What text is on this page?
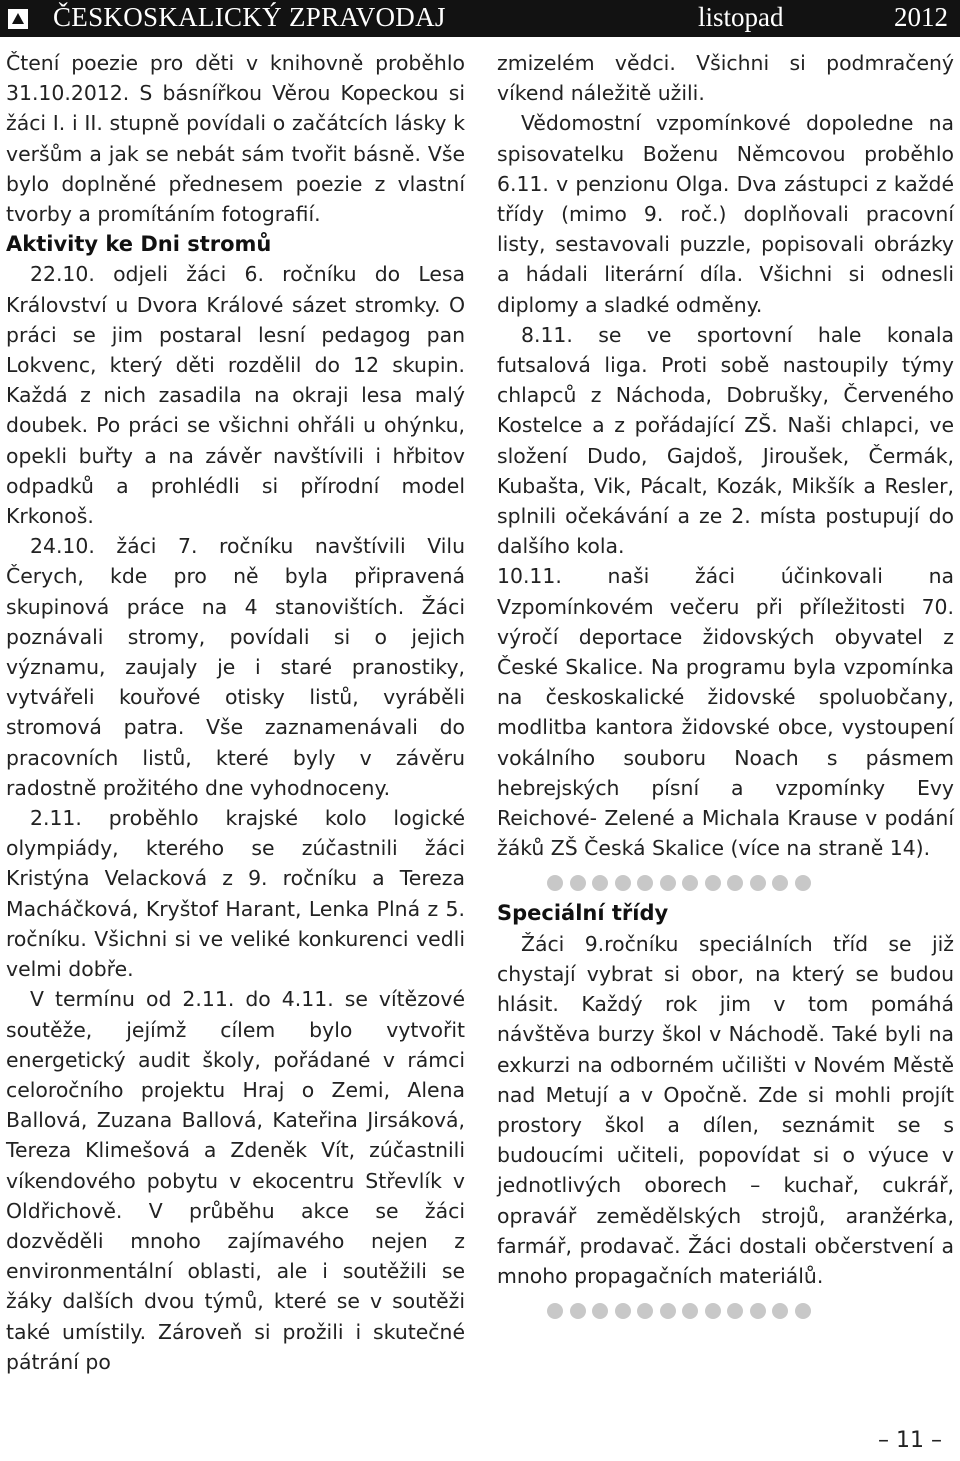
ČESKOSKALICKÝ ZPRAVODAJ	listopad	2012

Čtení poezie pro děti v knihovně proběhlo 31.10.2012. S básnířkou Věrou Kopeckou si žáci I. i II. stupně povídali o začátcích lásky k veršům a jak se nebát sám tvořit básně. Vše bylo doplněné přednesem poezie z vlastní tvorby a promítáním fotografií.

Aktivity ke Dni stromů

22.10. odjeli žáci 6. ročníku do Lesa Království u Dvora Králové sázet stromky. O práci se jim postaral lesní pedagog pan Lokvenc, který děti rozdělil do 12 skupin. Každá z nich zasadila na okraji lesa malý doubek. Po práci se všichni ohřáli u ohýnku, opekli buřty a na závěr navštívili i hřbitov odpadků a prohlédli si přírodní model Krkonoš.

24.10. žáci 7. ročníku navštívili Vilu Čerych, kde pro ně byla připravená skupinová práce na 4 stanovištích. Žáci poznávali stromy, povídali si o jejich významu, zaujaly je i staré pranostiky, vytvářeli kouřové otisky listů, vyráběli stromová patra. Vše zaznamenávali do pracovních listů, které byly v závěru radostně prožitého dne vyhodnoceny.

2.11. proběhlo krajské kolo logické olympiády, kterého se zúčastnili žáci Kristýna Velacková z 9. ročníku a Tereza Macháčková, Kryštof Harant, Lenka Plná z 5. ročníku. Všichni si ve veliké konkurenci vedli velmi dobře.

V termínu od 2.11. do 4.11. se vítězové soutěže, jejímž cílem bylo vytvořit energetický audit školy, pořádané v rámci celoročního projektu Hraj o Zemi, Alena Ballová, Zuzana Ballová, Kateřina Jirsáková, Tereza Klimešová a Zdeněk Vít, zúčastnili víkendového pobytu v ekocentru Střevlík v Oldřichově. V průběhu akce se žáci dozvěděli mnoho zajímavého nejen z environmentální oblasti, ale i soutěžili se žáky dalších dvou týmů, které se v soutěži také umístily. Zároveň si prožili i skutečné pátrání po

zmizelém vědci. Všichni si podmračený víkend náležitě užili.

Vědomostní vzpomínkové dopoledne na spisovatelku Boženu Němcovou proběhlo 6.11. v penzionu Olga. Dva zástupci z každé třídy (mimo 9. roč.) doplňovali pracovní listy, sestavovali puzzle, popisovali obrázky a hádali literární díla. Všichni si odnesli diplomy a sladké odměny.

8.11. se ve sportovní hale konala futsalová liga. Proti sobě nastoupily týmy chlapců z Náchoda, Dobrušky, Červeného Kostelce a z pořádající ZŠ. Naši chlapci, ve složení Dudo, Gajdoš, Jiroušek, Čermák, Kubašta, Vik, Pácalt, Kozák, Mikšík a Resler, splnili očekávání a ze 2. místa postupují do dalšího kola.

10.11. naši žáci účinkovali na Vzpomínkovém večeru při příležitosti 70. výročí deportace židovských obyvatel z České Skalice. Na programu byla vzpomínka na českoskalické židovské spoluobčany, modlitba kantora židovské obce, vystoupení vokálního souboru Noach s pásmem hebrejských písní a vzpomínky Evy Reichové- Zelené a Michala Krause v podání žáků ZŠ Česká Skalice (více na straně 14).

Speciální třídy

Žáci 9.ročníku speciálních tříd se již chystají vybrat si obor, na který se budou hlásit. Každý rok jim v tom pomáhá návštěva burzy škol v Náchodě. Také byli na exkurzi na odborném učilišti v Novém Městě nad Metují a v Opočně. Zde si mohli projít prostory škol a dílen, seznámit se s budoucími učiteli, popovídat si o výuce v jednotlivých oborech – kuchař, cukrář, opravář zemědělských strojů, aranžérka, farmář, prodavač. Žáci dostali občerstvení a mnoho propagačních materiálů.

– 11 –
